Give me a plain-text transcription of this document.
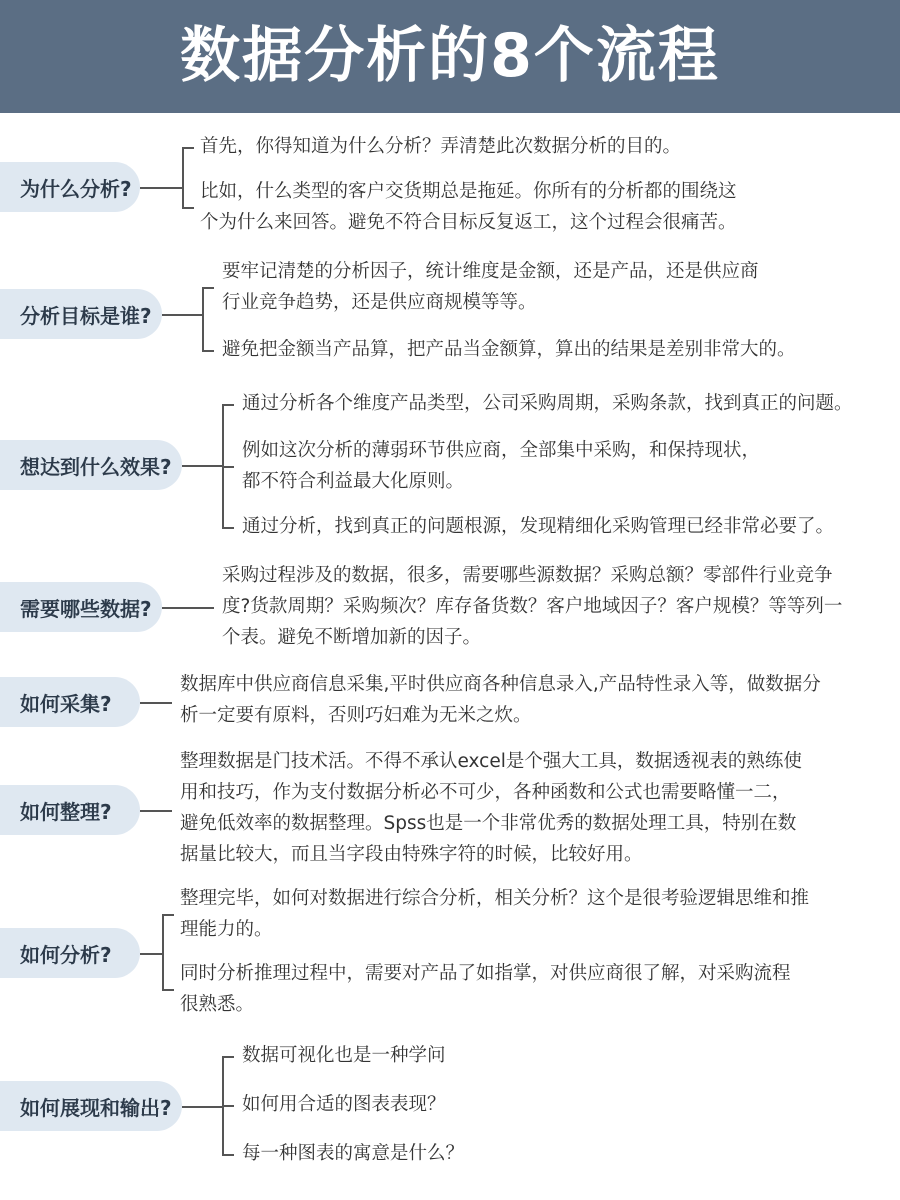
数据分析的8个流程
为什么分析?
首先，你得知道为什么分析？弄清楚此次数据分析的目的。
比如，什么类型的客户交货期总是拖延。你所有的分析都的围绕这
个为什么来回答。避免不符合目标反复返工，这个过程会很痛苦。
分析目标是谁?
要牢记清楚的分析因子，统计维度是金额，还是产品，还是供应商
行业竞争趋势，还是供应商规模等等。
避免把金额当产品算，把产品当金额算，算出的结果是差别非常大的。
想达到什么效果?
通过分析各个维度产品类型，公司采购周期，采购条款，找到真正的问题。
例如这次分析的薄弱环节供应商，全部集中采购，和保持现状，
都不符合利益最大化原则。
通过分析，找到真正的问题根源，发现精细化采购管理已经非常必要了。
需要哪些数据?
采购过程涉及的数据，很多，需要哪些源数据？采购总额？零部件行业竞争
度?货款周期？采购频次？库存备货数？客户地域因子？客户规模？等等列一
个表。避免不断增加新的因子。
如何采集?
数据库中供应商信息采集,平时供应商各种信息录入,产品特性录入等，做数据分
析一定要有原料，否则巧妇难为无米之炊。
如何整理?
整理数据是门技术活。不得不承认excel是个强大工具，数据透视表的熟练使
用和技巧，作为支付数据分析必不可少，各种函数和公式也需要略懂一二，
避免低效率的数据整理。Spss也是一个非常优秀的数据处理工具，特别在数
据量比较大，而且当字段由特殊字符的时候，比较好用。
如何分析?
整理完毕，如何对数据进行综合分析，相关分析？这个是很考验逻辑思维和推
理能力的。
同时分析推理过程中，需要对产品了如指掌，对供应商很了解，对采购流程
很熟悉。
如何展现和输出?
数据可视化也是一种学问
如何用合适的图表表现？
每一种图表的寓意是什么？
